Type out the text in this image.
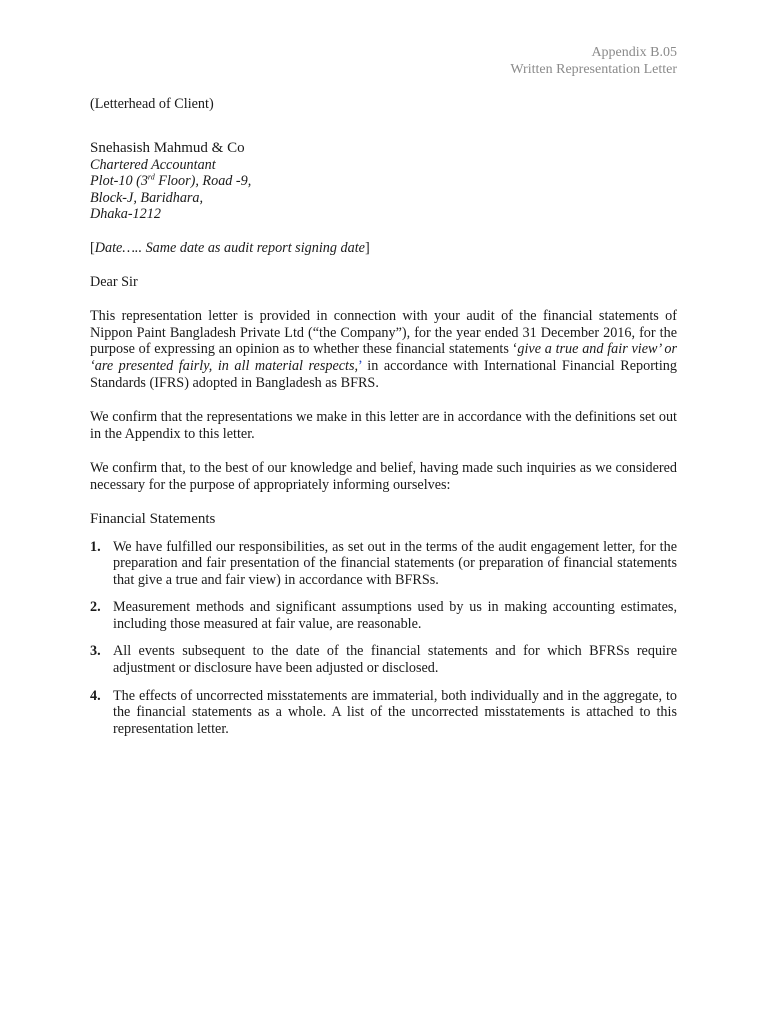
Appendix B.05
Written Representation Letter
(Letterhead of Client)
Snehasish Mahmud & Co
Chartered Accountant
Plot-10 (3rd Floor), Road -9,
Block-J, Baridhara,
Dhaka-1212
[Date….. Same date as audit report signing date]
Dear Sir
This representation letter is provided in connection with your audit of the financial statements of Nippon Paint Bangladesh Private Ltd (“the Company”), for the year ended 31 December 2016, for the purpose of expressing an opinion as to whether these financial statements ‘give a true and fair view’ or ‘are presented fairly, in all material respects,’ in accordance with International Financial Reporting Standards (IFRS) adopted in Bangladesh as BFRS.
We confirm that the representations we make in this letter are in accordance with the definitions set out in the Appendix to this letter.
We confirm that, to the best of our knowledge and belief, having made such inquiries as we considered necessary for the purpose of appropriately informing ourselves:
Financial Statements
1. We have fulfilled our responsibilities, as set out in the terms of the audit engagement letter, for the preparation and fair presentation of the financial statements (or preparation of financial statements that give a true and fair view) in accordance with BFRSs.
2. Measurement methods and significant assumptions used by us in making accounting estimates, including those measured at fair value, are reasonable.
3. All events subsequent to the date of the financial statements and for which BFRSs require adjustment or disclosure have been adjusted or disclosed.
4. The effects of uncorrected misstatements are immaterial, both individually and in the aggregate, to the financial statements as a whole. A list of the uncorrected misstatements is attached to this representation letter.
